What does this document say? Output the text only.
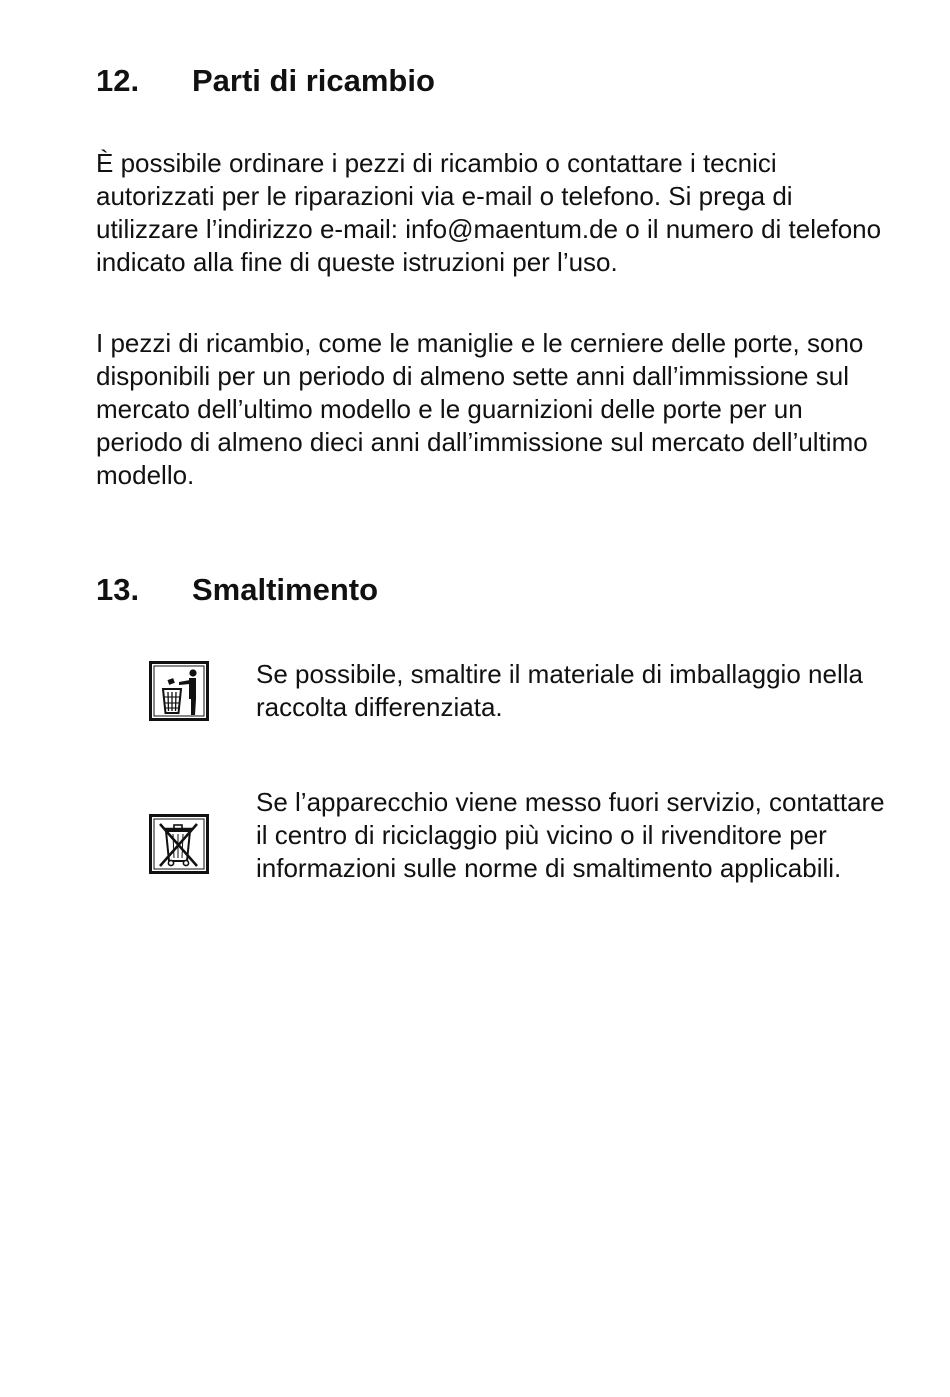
12. Parti di ricambio

È possibile ordinare i pezzi di ricambio o contattare i tecnici autorizzati per le riparazioni via e-mail o telefono. Si prega di utilizzare l’indirizzo e-mail: info@maentum.de o il numero di telefono indicato alla fine di queste istruzioni per l’uso.

I pezzi di ricambio, come le maniglie e le cerniere delle porte, sono disponibili per un periodo di almeno sette anni dall’immissione sul mercato dell’ultimo modello e le guarnizioni delle porte per un periodo di almeno dieci anni dall’immissione sul mercato dell’ultimo modello.

13. Smaltimento

Se possibile, smaltire il materiale di imballaggio nella raccolta differenziata.

Se l’apparecchio viene messo fuori servizio, contattare il centro di riciclaggio più vicino o il rivenditore per informazioni sulle norme di smaltimento applicabili.
